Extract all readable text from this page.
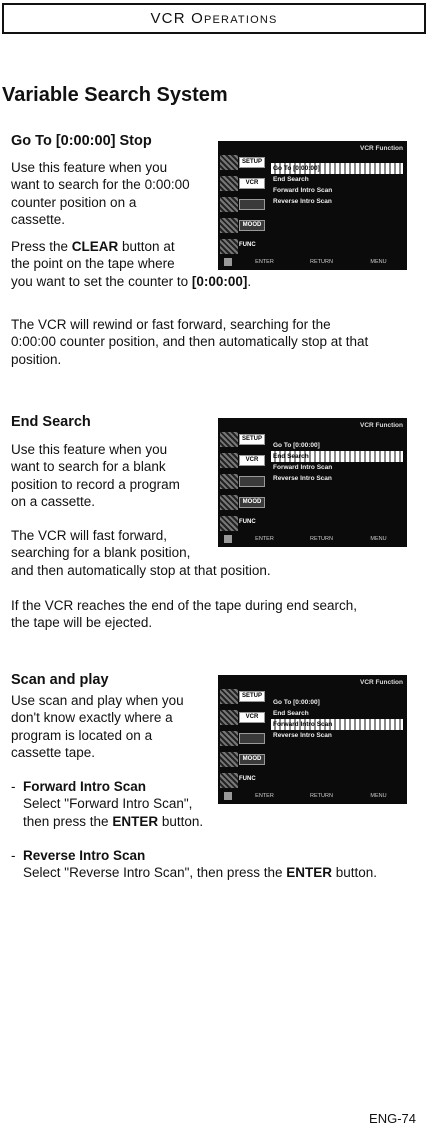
VCR Operations
Variable Search System
Go To [0:00:00] Stop
Use this feature when you
want to search for the 0:00:00
counter position on a
cassette.
Press the CLEAR button at
the point on the tape where
you want to set the counter to [0:00:00].
The VCR will rewind or fast forward, searching for the
0:00:00 counter position, and then automatically stop at that
position.
VCR Function
SETUP
VCR
MOOD
FUNC
Go To [0:00:00]
End Search
Forward Intro Scan
Reverse Intro Scan
ENTER	RETURN	MENU
End Search
Use this feature when you
want to search for a blank
position to record a program
on a cassette.
The VCR will fast forward,
searching for a blank position,
and then automatically stop at that position.
If the VCR reaches the end of the tape during end search,
the tape will be ejected.
VCR Function
SETUP
VCR
MOOD
FUNC
Go To [0:00:00]
End Search
Forward Intro Scan
Reverse Intro Scan
ENTER	RETURN	MENU
Scan and play
Use scan and play when you
don't know exactly where a
program is located on a
cassette tape.
- Forward Intro Scan
Select "Forward Intro Scan",
then press the ENTER button.
- Reverse Intro Scan
Select "Reverse Intro Scan", then press the ENTER button.
VCR Function
SETUP
VCR
MOOD
FUNC
Go To [0:00:00]
End Search
Forward Intro Scan
Reverse Intro Scan
ENTER	RETURN	MENU
ENG-74
